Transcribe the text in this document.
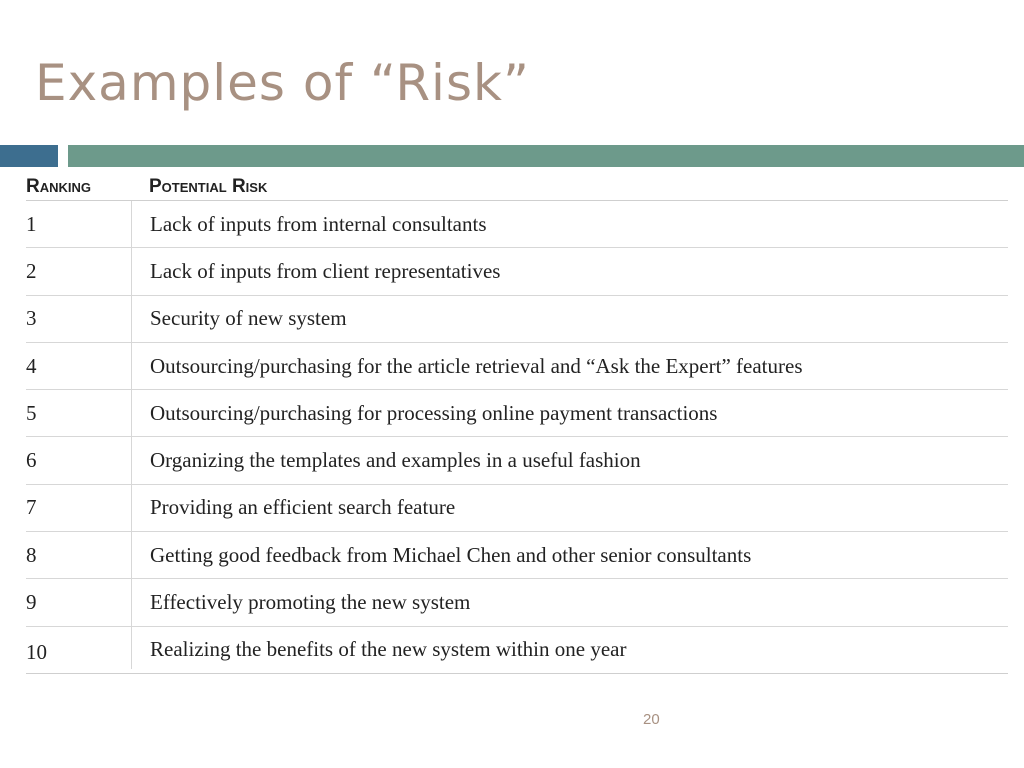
Examples of “Risk”
Ranking	Potential Risk
1	Lack of inputs from internal consultants
2	Lack of inputs from client representatives
3	Security of new system
4	Outsourcing/purchasing for the article retrieval and “Ask the Expert” features
5	Outsourcing/purchasing for processing online payment transactions
6	Organizing the templates and examples in a useful fashion
7	Providing an efficient search feature
8	Getting good feedback from Michael Chen and other senior consultants
9	Effectively promoting the new system
10	Realizing the benefits of the new system within one year
20
